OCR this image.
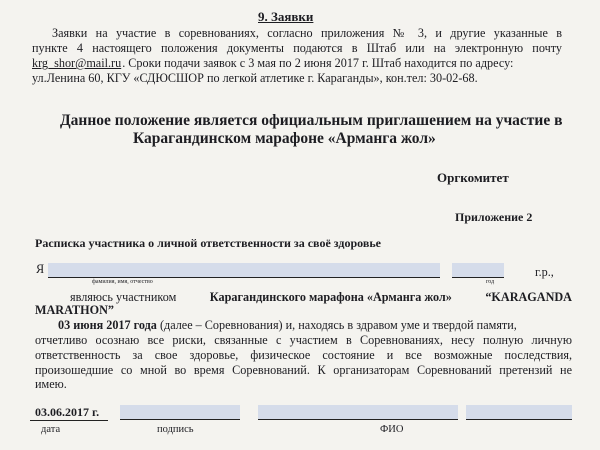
9. Заявки
Заявки на участие в соревнованиях, согласно приложения № 3, и другие указанные в
пункте 4 настоящего положения документы подаются в Штаб или на электронную почту
krg_shor@mail.ru . Сроки подачи заявок с 3 мая по 2 июня 2017 г. Штаб находится по адресу:
ул.Ленина 60, КГУ «СДЮСШОР по легкой атлетике г. Караганды», кон.тел: 30-02-68.
Данное положение является официальным приглашением на участие в
Карагандинском марафоне «Арманга жол»
Оргкомитет
Приложение 2
Расписка участника о личной ответственности за своё здоровье
Я	г.р.,
фамилия, имя, отчество	год
являюсь участником	Карагандинского марафона «Арманга жол»	“KARAGANDA
MARATHON”
03 июня 2017 года (далее – Соревнования) и, находясь в здравом уме и твердой памяти,
отчетливо осознаю все риски, связанные с участием в Соревнованиях, несу полную личную
ответственность за свое здоровье, физическое состояние и все возможные последствия,
произошедшие со мной во время Соревнований. К организаторам Соревнований претензий не
имею.
03.06.2017 г.
дата	подпись	ФИО
